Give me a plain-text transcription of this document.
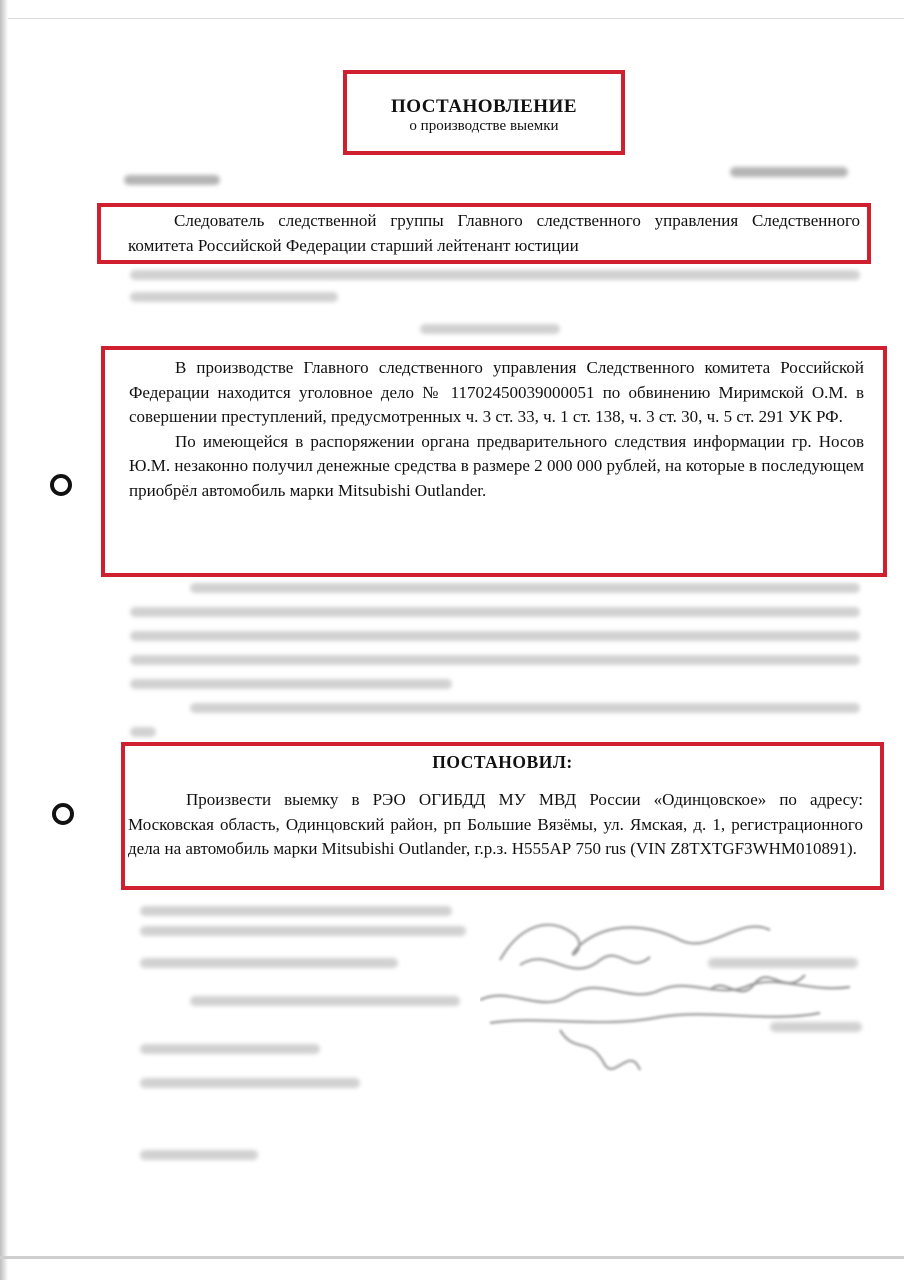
ПОСТАНОВЛЕНИЕ
о производстве выемки
Следователь следственной группы Главного следственного управления Следственного комитета Российской Федерации старший лейтенант юстиции

В производстве Главного следственного управления Следственного комитета Российской Федерации находится уголовное дело № 11702450039000051 по обвинению Миримской О.М. в совершении преступлений, предусмотренных ч. 3 ст. 33, ч. 1 ст. 138, ч. 3 ст. 30, ч. 5 ст. 291 УК РФ.

По имеющейся в распоряжении органа предварительного следствия информации гр. Носов Ю.М. незаконно получил денежные средства в размере 2 000 000 рублей, на которые в последующем приобрёл автомобиль марки Mitsubishi Outlander.

ПОСТАНОВИЛ:
Произвести выемку в РЭО ОГИБДД МУ МВД России «Одинцовское» по адресу: Московская область, Одинцовский район, рп Большие Вязёмы, ул. Ямская, д. 1, регистрационного дела на автомобиль марки Mitsubishi Outlander, г.р.з. Н555АР 750 rus (VIN Z8TXTGF3WHM010891).
